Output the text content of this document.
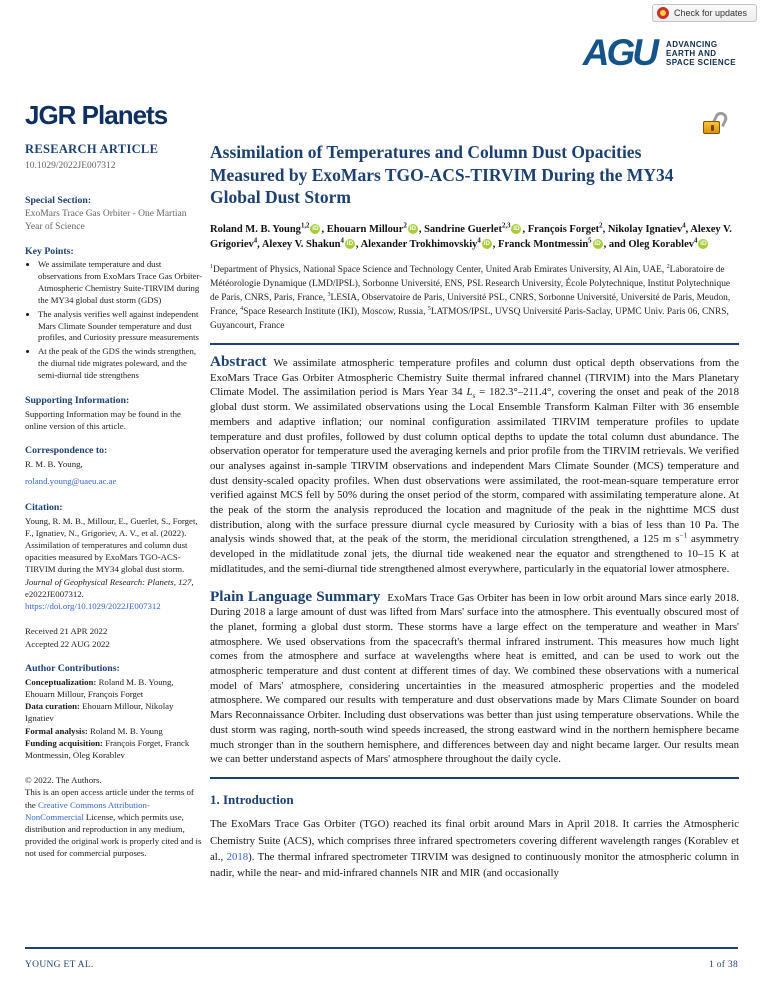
Check for updates
AGU	ADVANCING
EARTH AND
SPACE SCIENCE
JGR Planets
RESEARCH ARTICLE
10.1029/2022JE007312
Special Section:
ExoMars Trace Gas Orbiter - One Martian Year of Science
Key Points:
• We assimilate temperature and dust observations from ExoMars Trace Gas Orbiter-Atmospheric Chemistry Suite-TIRVIM during the MY34 global dust storm (GDS)
• The analysis verifies well against independent Mars Climate Sounder temperature and dust profiles, and Curiosity pressure measurements
• At the peak of the GDS the winds strengthen, the diurnal tide migrates poleward, and the semi-diurnal tide strengthens
Supporting Information:
Supporting Information may be found in the online version of this article.
Correspondence to:
R. M. B. Young,
roland.young@uaeu.ac.ae
Citation:
Young, R. M. B., Millour, E., Guerlet, S., Forget, F., Ignatiev, N., Grigoriev, A. V., et al. (2022). Assimilation of temperatures and column dust opacities measured by ExoMars TGO-ACS-TIRVIM during the MY34 global dust storm. Journal of Geophysical Research: Planets, 127, e2022JE007312. https://doi.org/10.1029/2022JE007312
Received 21 APR 2022
Accepted 22 AUG 2022
Author Contributions:
Conceptualization: Roland M. B. Young, Ehouarn Millour, François Forget
Data curation: Ehouarn Millour, Nikolay Ignatiev
Formal analysis: Roland M. B. Young
Funding acquisition: François Forget, Franck Montmessin, Oleg Korablev
© 2022. The Authors.
This is an open access article under the terms of the Creative Commons Attribution-NonCommercial License, which permits use, distribution and reproduction in any medium, provided the original work is properly cited and is not used for commercial purposes.
Assimilation of Temperatures and Column Dust Opacities Measured by ExoMars TGO-ACS-TIRVIM During the MY34 Global Dust Storm

Roland M. B. Young$^{1,2}$ iD , Ehouarn Millour$^2$ iD , Sandrine Guerlet$^{2,3}$ iD , François Forget$^2$, Nikolay Ignatiev$^4$, Alexey V. Grigoriev$^4$, Alexey V. Shakun$^4$ iD , Alexander Trokhimovskiy$^4$ iD , Franck Montmessin$^5$ iD , and Oleg Korablev$^4$ iD

$^1$Department of Physics, National Space Science and Technology Center, United Arab Emirates University, Al Ain, UAE, $^2$Laboratoire de Météorologie Dynamique (LMD/IPSL), Sorbonne Université, ENS, PSL Research University, École Polytechnique, Institut Polytechnique de Paris, CNRS, Paris, France, $^3$LESIA, Observatoire de Paris, Université PSL, CNRS, Sorbonne Université, Université de Paris, Meudon, France, $^4$Space Research Institute (IKI), Moscow, Russia, $^5$LATMOS/IPSL, UVSQ Université Paris-Saclay, UPMC Univ. Paris 06, CNRS, Guyancourt, France

Abstract We assimilate atmospheric temperature profiles and column dust optical depth observations from the ExoMars Trace Gas Orbiter Atmospheric Chemistry Suite thermal infrared channel (TIRVIM) into the Mars Planetary Climate Model. The assimilation period is Mars Year 34 $L_s = 182.3^\circ-211.4^\circ$, covering the onset and peak of the 2018 global dust storm. We assimilated observations using the Local Ensemble Transform Kalman Filter with 36 ensemble members and adaptive inflation; our nominal configuration assimilated TIRVIM temperature profiles to update temperature and dust profiles, followed by dust column optical depths to update the total column dust abundance. The observation operator for temperature used the averaging kernels and prior profile from the TIRVIM retrievals. We verified our analyses against in-sample TIRVIM observations and independent Mars Climate Sounder (MCS) temperature and dust density-scaled opacity profiles. When dust observations were assimilated, the root-mean-square temperature error verified against MCS fell by 50% during the onset period of the storm, compared with assimilating temperature alone. At the peak of the storm the analysis reproduced the location and magnitude of the peak in the nighttime MCS dust distribution, along with the surface pressure diurnal cycle measured by Curiosity with a bias of less than 10 Pa. The analysis winds showed that, at the peak of the storm, the meridional circulation strengthened, a 125 m $s^{-1}$ asymmetry developed in the midlatitude zonal jets, the diurnal tide weakened near the equator and strengthened to 10–15 K at midlatitudes, and the semi-diurnal tide strengthened almost everywhere, particularly in the equatorial lower atmosphere.

Plain Language Summary ExoMars Trace Gas Orbiter has been in low orbit around Mars since early 2018. During 2018 a large amount of dust was lifted from Mars' surface into the atmosphere. This eventually obscured most of the planet, forming a global dust storm. These storms have a large effect on the temperature and weather in Mars' atmosphere. We used observations from the spacecraft's thermal infrared instrument. This measures how much light comes from the atmosphere and surface at wavelengths where heat is emitted, and can be used to work out the atmospheric temperature and dust content at different times of day. We combined these observations with a numerical model of Mars' atmosphere, considering uncertainties in the measured atmospheric properties and the modeled atmosphere. We compared our results with temperature and dust observations made by Mars Climate Sounder on board Mars Reconnaissance Orbiter. Including dust observations was better than just using temperature observations. While the dust storm was raging, north-south wind speeds increased, the strong eastward wind in the northern hemisphere became much stronger than in the southern hemisphere, and differences between day and night became larger. Our results mean we can better understand aspects of Mars' atmosphere throughout the daily cycle.

1. Introduction

The ExoMars Trace Gas Orbiter (TGO) reached its final orbit around Mars in April 2018. It carries the Atmospheric Chemistry Suite (ACS), which comprises three infrared spectrometers covering different wavelength ranges (Korablev et al., 2018). The thermal infrared spectrometer TIRVIM was designed to continuously monitor the atmospheric column in nadir, while the near- and mid-infrared channels NIR and MIR (and occasionally

YOUNG ET AL.	1 of 38
